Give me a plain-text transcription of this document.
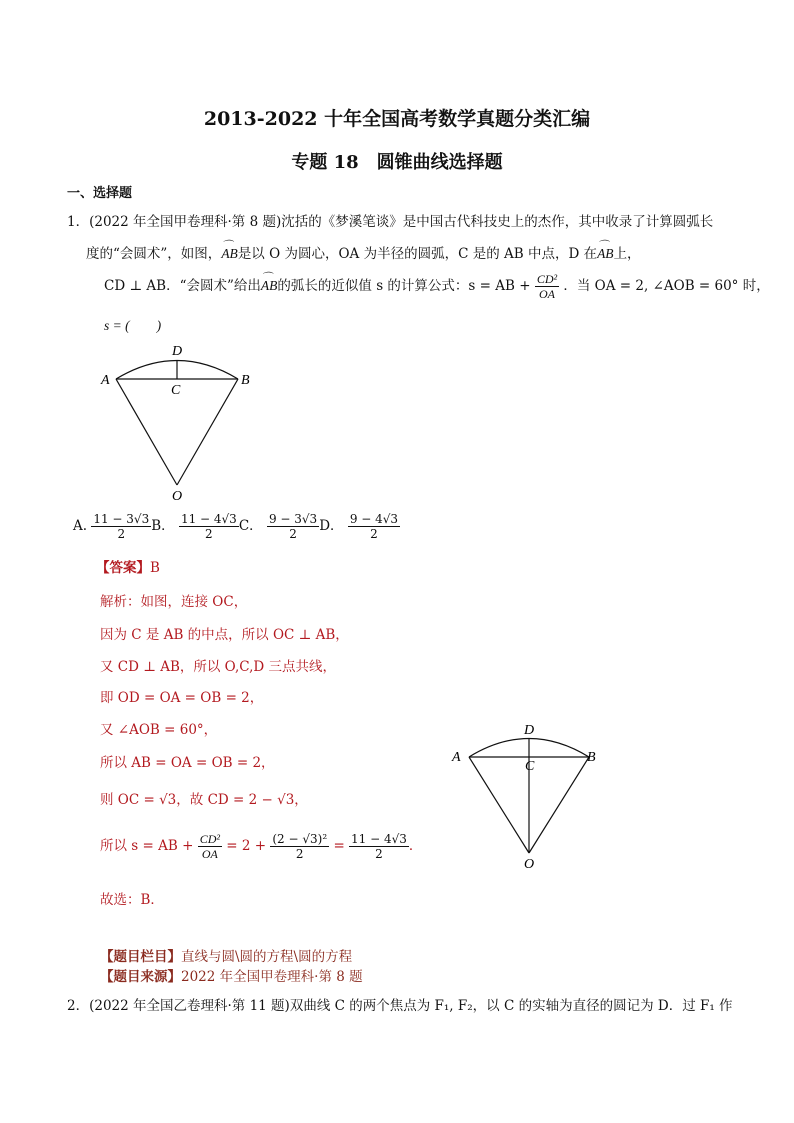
2013-2022 十年全国高考数学真题分类汇编
专题 18　圆锥曲线选择题
一、选择题
1．(2022 年全国甲卷理科·第 8 题)沈括的《梦溪笔谈》是中国古代科技史上的杰作，其中收录了计算圆弧长
度的“会圆术”，如图，⌒ AB是以 O 为圆心，OA 为半径的圆弧，C 是的 AB 中点，D 在⌒ AB上，
CD ⊥ AB．“会圆术”给出⌒ AB的弧长的近似值 s 的计算公式：s = AB + $\frac{\text{CD²}}{OA}$ ．当 OA = 2, ∠AOB = 60° 时，
s = (　　)
D
A	B
C
O
A. $\frac{11 - 3√3}{2}$ B． $\frac{11 - 4√3}{2}$ C． $\frac{9 - 3√3}{2}$ D． $\frac{9 - 4√3}{2}$
【答案】B
解析：如图，连接 OC，
因为 C 是 AB 的中点，所以 OC ⊥ AB，
又 CD ⊥ AB，所以 O,C,D 三点共线，
即 OD = OA = OB = 2，
又 ∠AOB = 60°，
所以 AB = OA = OB = 2，
则 OC = √3，故 CD = 2 − √3，
所以 s = AB + $\frac{\text{CD²}}{OA} = 2 + \frac{\text{(2 − √3)²}}{2} = \frac{11 - 4√3}{2}$ ．
D
A	B
C
O
故选：B．
【题目栏目】直线与圆\圆的方程\圆的方程
【题目来源】2022 年全国甲卷理科·第 8 题
2．(2022 年全国乙卷理科·第 11 题)双曲线 C 的两个焦点为 F₁, F₂，以 C 的实轴为直径的圆记为 D．过 F₁ 作
